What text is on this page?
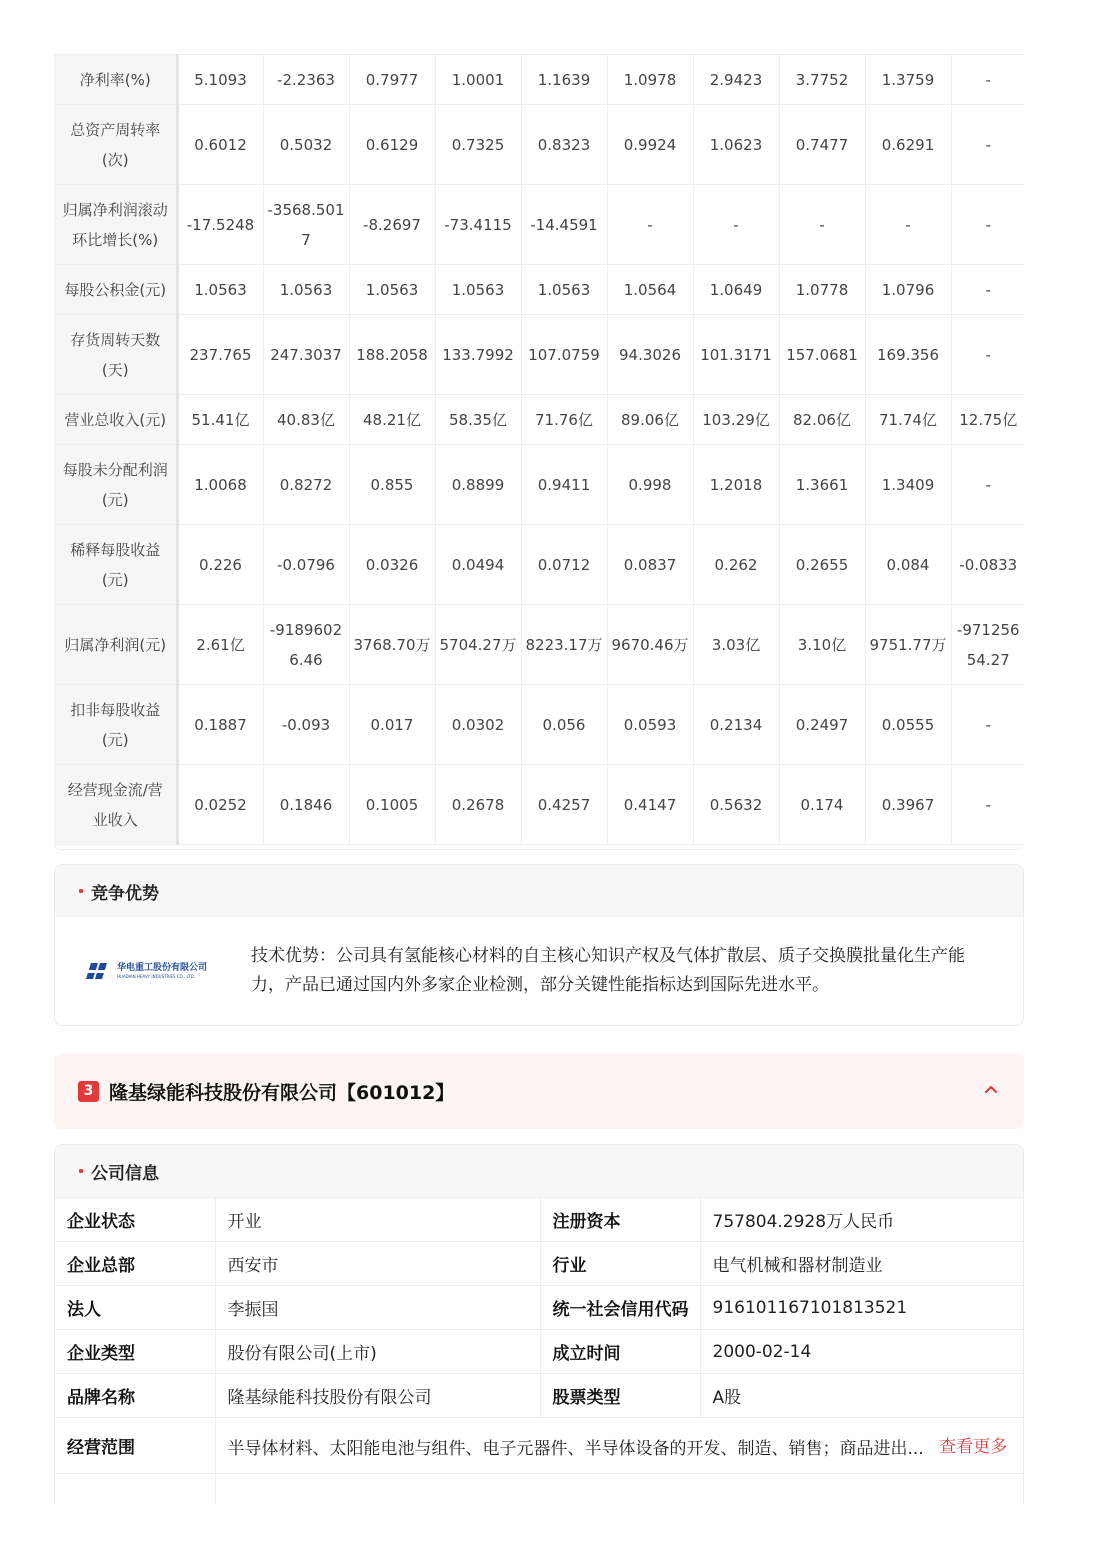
净利率(%)	5.1093	-2.2363	0.7977	1.0001	1.1639	1.0978	2.9423	3.7752	1.3759	-
总资产周转率(次)	0.6012	0.5032	0.6129	0.7325	0.8323	0.9924	1.0623	0.7477	0.6291	-
归属净利润滚动环比增长(%)	-17.5248	-3568.5017	-8.2697	-73.4115	-14.4591	-	-	-	-	-
每股公积金(元)	1.0563	1.0563	1.0563	1.0563	1.0563	1.0564	1.0649	1.0778	1.0796	-
存货周转天数(天)	237.765	247.3037	188.2058	133.7992	107.0759	94.3026	101.3171	157.0681	169.356	-
营业总收入(元)	51.41亿	40.83亿	48.21亿	58.35亿	71.76亿	89.06亿	103.29亿	82.06亿	71.74亿	12.75亿
每股未分配利润(元)	1.0068	0.8272	0.855	0.8899	0.9411	0.998	1.2018	1.3661	1.3409	-
稀释每股收益(元)	0.226	-0.0796	0.0326	0.0494	0.0712	0.0837	0.262	0.2655	0.084	-0.0833
归属净利润(元)	2.61亿	-91896026.46	3768.70万	5704.27万	8223.17万	9670.46万	3.03亿	3.10亿	9751.77万	-97125654.27
扣非每股收益(元)	0.1887	-0.093	0.017	0.0302	0.056	0.0593	0.2134	0.2497	0.0555	-
经营现金流/营业收入	0.0252	0.1846	0.1005	0.2678	0.4257	0.4147	0.5632	0.174	0.3967	-
竞争优势
华电重工股份有限公司
HUADIAN HEAVY INDUSTRIES CO., LTD.
技术优势：公司具有氢能核心材料的自主核心知识产权及气体扩散层、质子交换膜批量化生产能力，产品已通过国内外多家企业检测，部分关键性能指标达到国际先进水平。
3 隆基绿能科技股份有限公司【601012】
公司信息
企业状态	开业	注册资本	757804.2928万人民币
企业总部	西安市	行业	电气机械和器材制造业
法人	李振国	统一社会信用代码	916101167101813521
企业类型	股份有限公司(上市)	成立时间	2000-02-14
品牌名称	隆基绿能科技股份有限公司	股票类型	A股
经营范围	半导体材料、太阳能电池与组件、电子元器件、半导体设备的开发、制造、销售；商品进出... 查看更多		
